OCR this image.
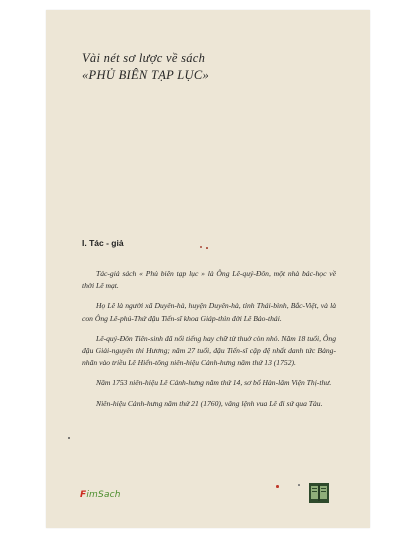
Vài nét sơ lược về sách
«PHỦ BIÊN TẠP LỤC»
I. Tác - giả

Tác-giả sách « Phủ biên tạp lục » là Ông Lê-quý-Đôn, một nhà bác-học về thời Lê mạt.

Họ Lê là người xã Duyên-hà, huyện Duyên-hà, tỉnh Thái-bình, Bắc-Việt, và là con Ông Lê-phú-Thứ đậu Tiến-sĩ khoa Giáp-thìn đời Lê Bảo-thái.

Lê-quý-Đôn Tiên-sinh đã nổi tiếng hay chữ từ thuở còn nhỏ. Năm 18 tuổi, Ông đậu Giải-nguyên thi Hương; năm 27 tuổi, đậu Tiến-sĩ cập đệ nhất danh tức Bảng-nhãn vào triều Lê Hiển-tông niên-hiệu Cảnh-hưng năm thứ 13 (1752).

Năm 1753 niên-hiệu Lê Cảnh-hưng năm thứ 14, sơ bổ Hàn-lâm Viện Thị-thư.

Niên-hiệu Cảnh-hưng năm thứ 21 (1760), vâng lệnh vua Lê đi sứ qua Tàu.

FimSach
